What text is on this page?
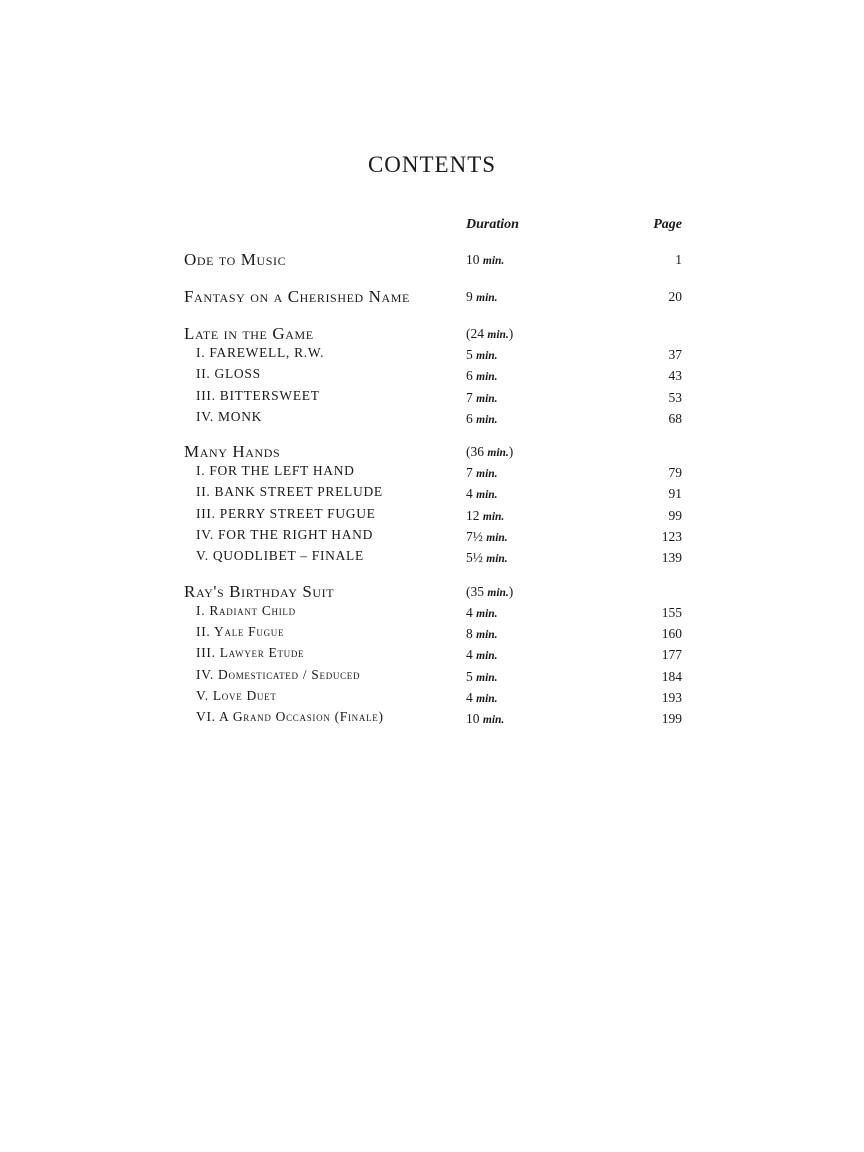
CONTENTS
Duration	Page
Ode to Music	10 min.	1
Fantasy on a Cherished Name	9 min.	20
Late in the Game	(24 min.)
I. FAREWELL, R.W.	5 min.	37
II. GLOSS	6 min.	43
III. BITTERSWEET	7 min.	53
IV. MONK	6 min.	68
Many Hands	(36 min.)
I. FOR THE LEFT HAND	7 min.	79
II. BANK STREET PRELUDE	4 min.	91
III. PERRY STREET FUGUE	12 min.	99
IV. FOR THE RIGHT HAND	7½ min.	123
V. QUODLIBET – FINALE	5½ min.	139
Ray's Birthday Suit	(35 min.)
I. Radiant Child	4 min.	155
II. Yale Fugue	8 min.	160
III. Lawyer Etude	4 min.	177
IV. Domesticated / Seduced	5 min.	184
V. Love Duet	4 min.	193
VI. A Grand Occasion (Finale)	10 min.	199
